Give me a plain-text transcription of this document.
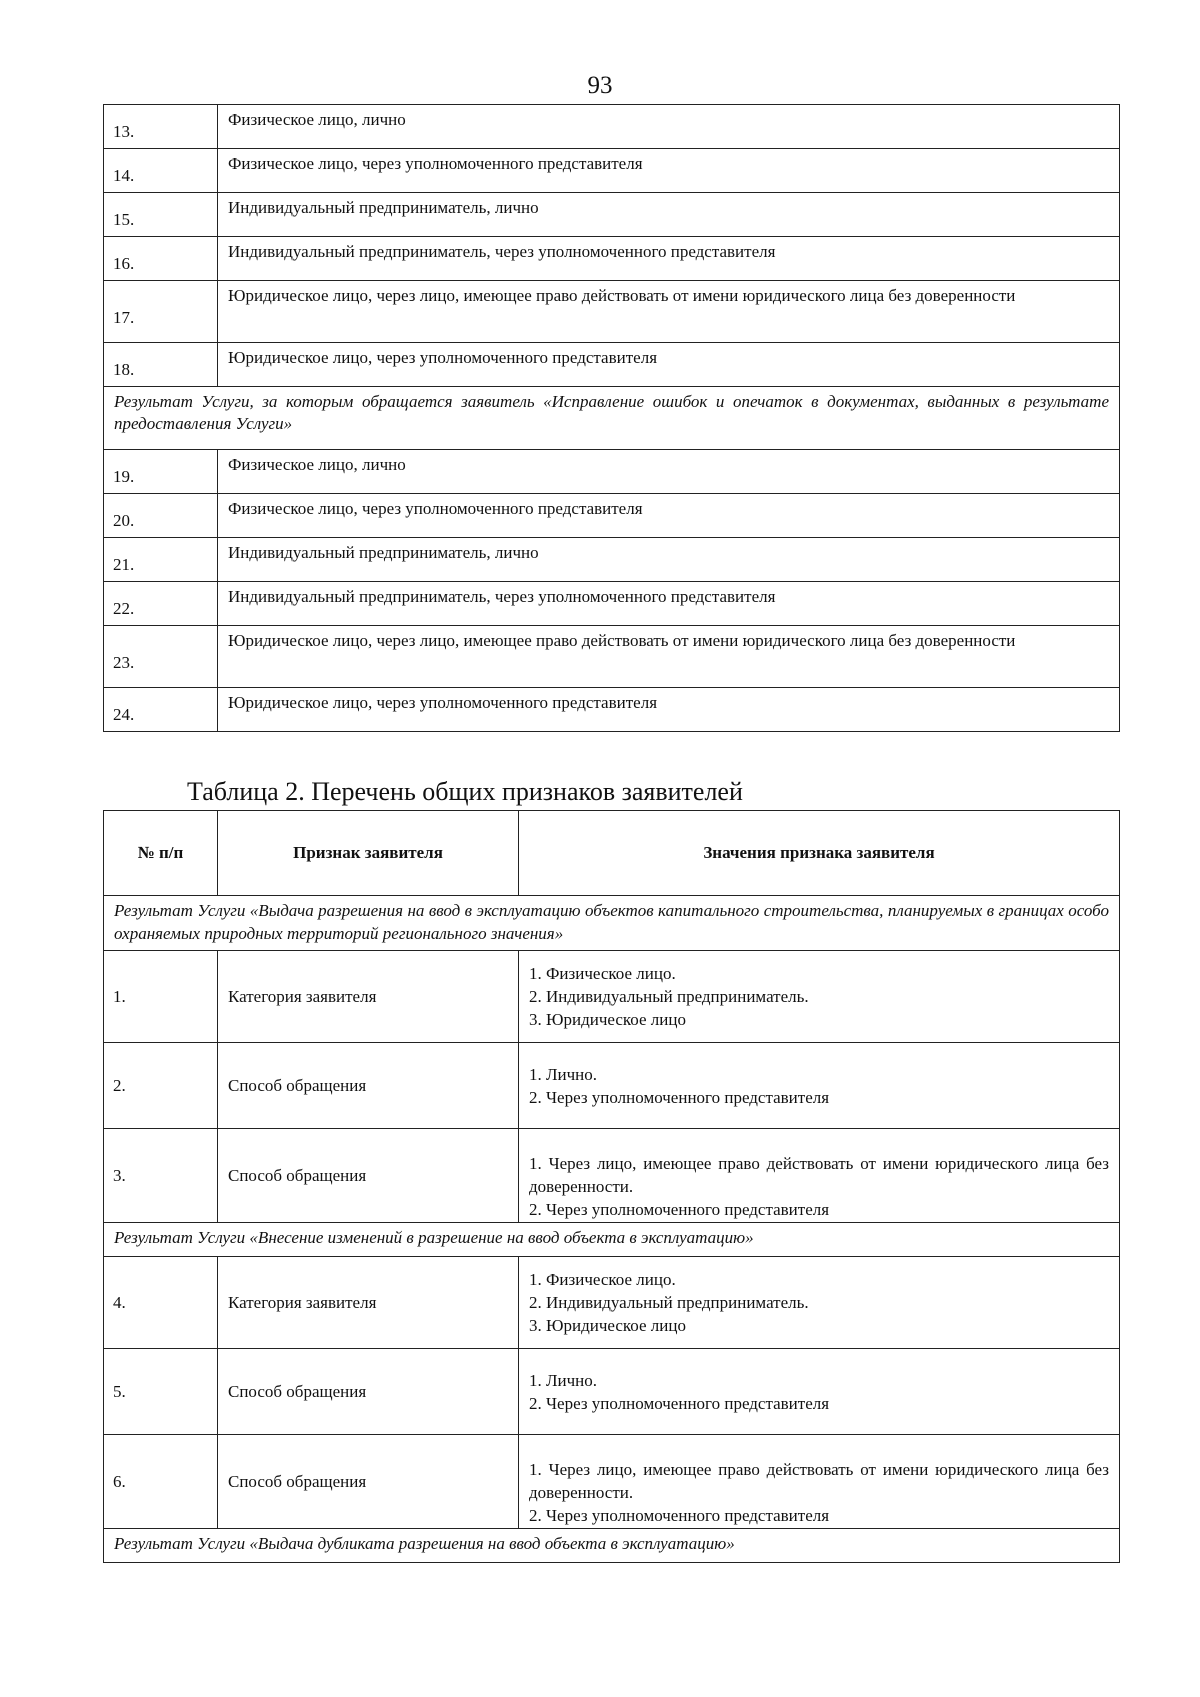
93
13.	Физическое лицо, лично
14.	Физическое лицо, через уполномоченного представителя
15.	Индивидуальный предприниматель, лично
16.	Индивидуальный предприниматель, через уполномоченного представителя
17.	Юридическое лицо, через лицо, имеющее право действовать от имени юридического лица без доверенности
18.	Юридическое лицо, через уполномоченного представителя
Результат Услуги, за которым обращается заявитель «Исправление ошибок и опечаток в документах, выданных в результате предоставления Услуги»	
19.	Физическое лицо, лично
20.	Физическое лицо, через уполномоченного представителя
21.	Индивидуальный предприниматель, лично
22.	Индивидуальный предприниматель, через уполномоченного представителя
23.	Юридическое лицо, через лицо, имеющее право действовать от имени юридического лица без доверенности
24.	Юридическое лицо, через уполномоченного представителя
Таблица 2. Перечень общих признаков заявителей
№ п/п	Признак заявителя	Значения признака заявителя
Результат Услуги «Выдача разрешения на ввод в эксплуатацию объектов капитального строительства, планируемых в границах особо охраняемых природных территорий регионального значения»		
1.	Категория заявителя	1. Физическое лицо.
2. Индивидуальный предприниматель.
3. Юридическое лицо

2.	Способ обращения	1. Лично.
2. Через уполномоченного представителя

3.	Способ обращения	1. Через лицо, имеющее право действовать от имени юридического лица без доверенности.
2. Через уполномоченного представителя

Результат Услуги «Внесение изменений в разрешение на ввод объекта в эксплуатацию»		
4.	Категория заявителя	1. Физическое лицо.
2. Индивидуальный предприниматель.
3. Юридическое лицо

5.	Способ обращения	1. Лично.
2. Через уполномоченного представителя

6.	Способ обращения	1. Через лицо, имеющее право действовать от имени юридического лица без доверенности.
2. Через уполномоченного представителя

Результат Услуги «Выдача дубликата разрешения на ввод объекта в эксплуатацию»		
